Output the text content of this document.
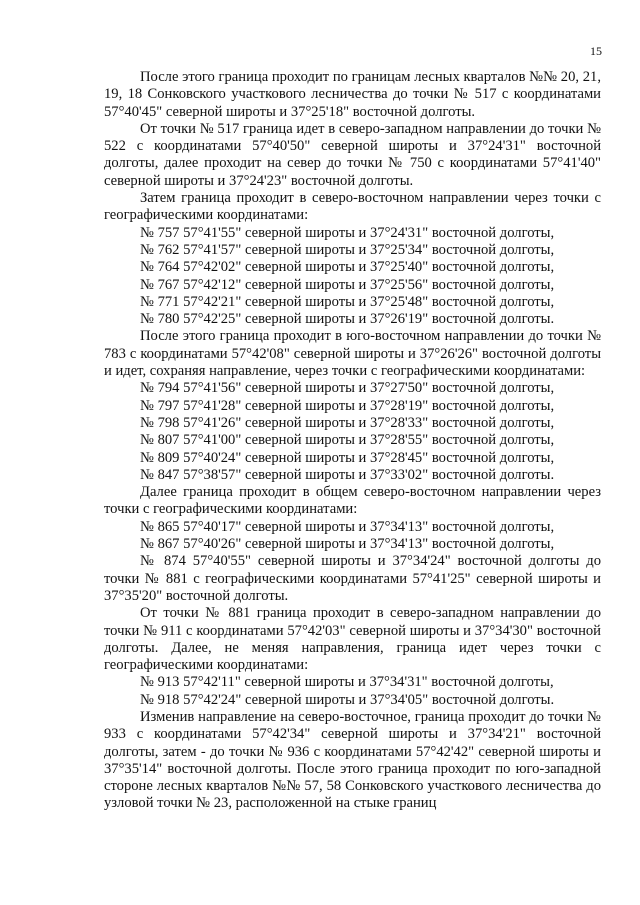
15

После этого граница проходит по границам лесных кварталов №№ 20, 21, 19, 18 Сонковского участкового лесничества до точки № 517 с координатами 57°40'45" северной широты и 37°25'18" восточной долготы.

От точки № 517 граница идет в северо-западном направлении до точки № 522 с координатами 57°40'50" северной широты и 37°24'31" восточной долготы, далее проходит на север до точки № 750 с координатами 57°41'40" северной широты и 37°24'23" восточной долготы.

Затем граница проходит в северо-восточном направлении через точки с географическими координатами:

№ 757 57°41'55" северной широты и 37°24'31" восточной долготы,

№ 762 57°41'57" северной широты и 37°25'34" восточной долготы,

№ 764 57°42'02" северной широты и 37°25'40" восточной долготы,

№ 767 57°42'12" северной широты и 37°25'56" восточной долготы,

№ 771 57°42'21" северной широты и 37°25'48" восточной долготы,

№ 780 57°42'25" северной широты и 37°26'19" восточной долготы.

После этого граница проходит в юго-восточном направлении до точки № 783 с координатами 57°42'08" северной широты и 37°26'26" восточной долготы и идет, сохраняя направление, через точки с географическими координатами:

№ 794 57°41'56" северной широты и 37°27'50" восточной долготы,

№ 797 57°41'28" северной широты и 37°28'19" восточной долготы,

№ 798 57°41'26" северной широты и 37°28'33" восточной долготы,

№ 807 57°41'00" северной широты и 37°28'55" восточной долготы,

№ 809 57°40'24" северной широты и 37°28'45" восточной долготы,

№ 847 57°38'57" северной широты и 37°33'02" восточной долготы.

Далее граница проходит в общем северо-восточном направлении через точки с географическими координатами:

№ 865 57°40'17" северной широты и 37°34'13" восточной долготы,

№ 867 57°40'26" северной широты и 37°34'13" восточной долготы,

№ 874 57°40'55" северной широты и 37°34'24" восточной долготы до точки № 881 с географическими координатами 57°41'25" северной широты и 37°35'20" восточной долготы.

От точки № 881 граница проходит в северо-западном направлении до точки № 911 с координатами 57°42'03" северной широты и 37°34'30" восточной долготы. Далее, не меняя направления, граница идет через точки с географическими координатами:

№ 913 57°42'11" северной широты и 37°34'31" восточной долготы,

№ 918 57°42'24" северной широты и 37°34'05" восточной долготы.

Изменив направление на северо-восточное, граница проходит до точки № 933 с координатами 57°42'34" северной широты и 37°34'21" восточной долготы, затем - до точки № 936 с координатами 57°42'42" северной широты и 37°35'14" восточной долготы. После этого граница проходит по юго-западной стороне лесных кварталов №№ 57, 58 Сонковского участкового лесничества до узловой точки № 23, расположенной на стыке границ
